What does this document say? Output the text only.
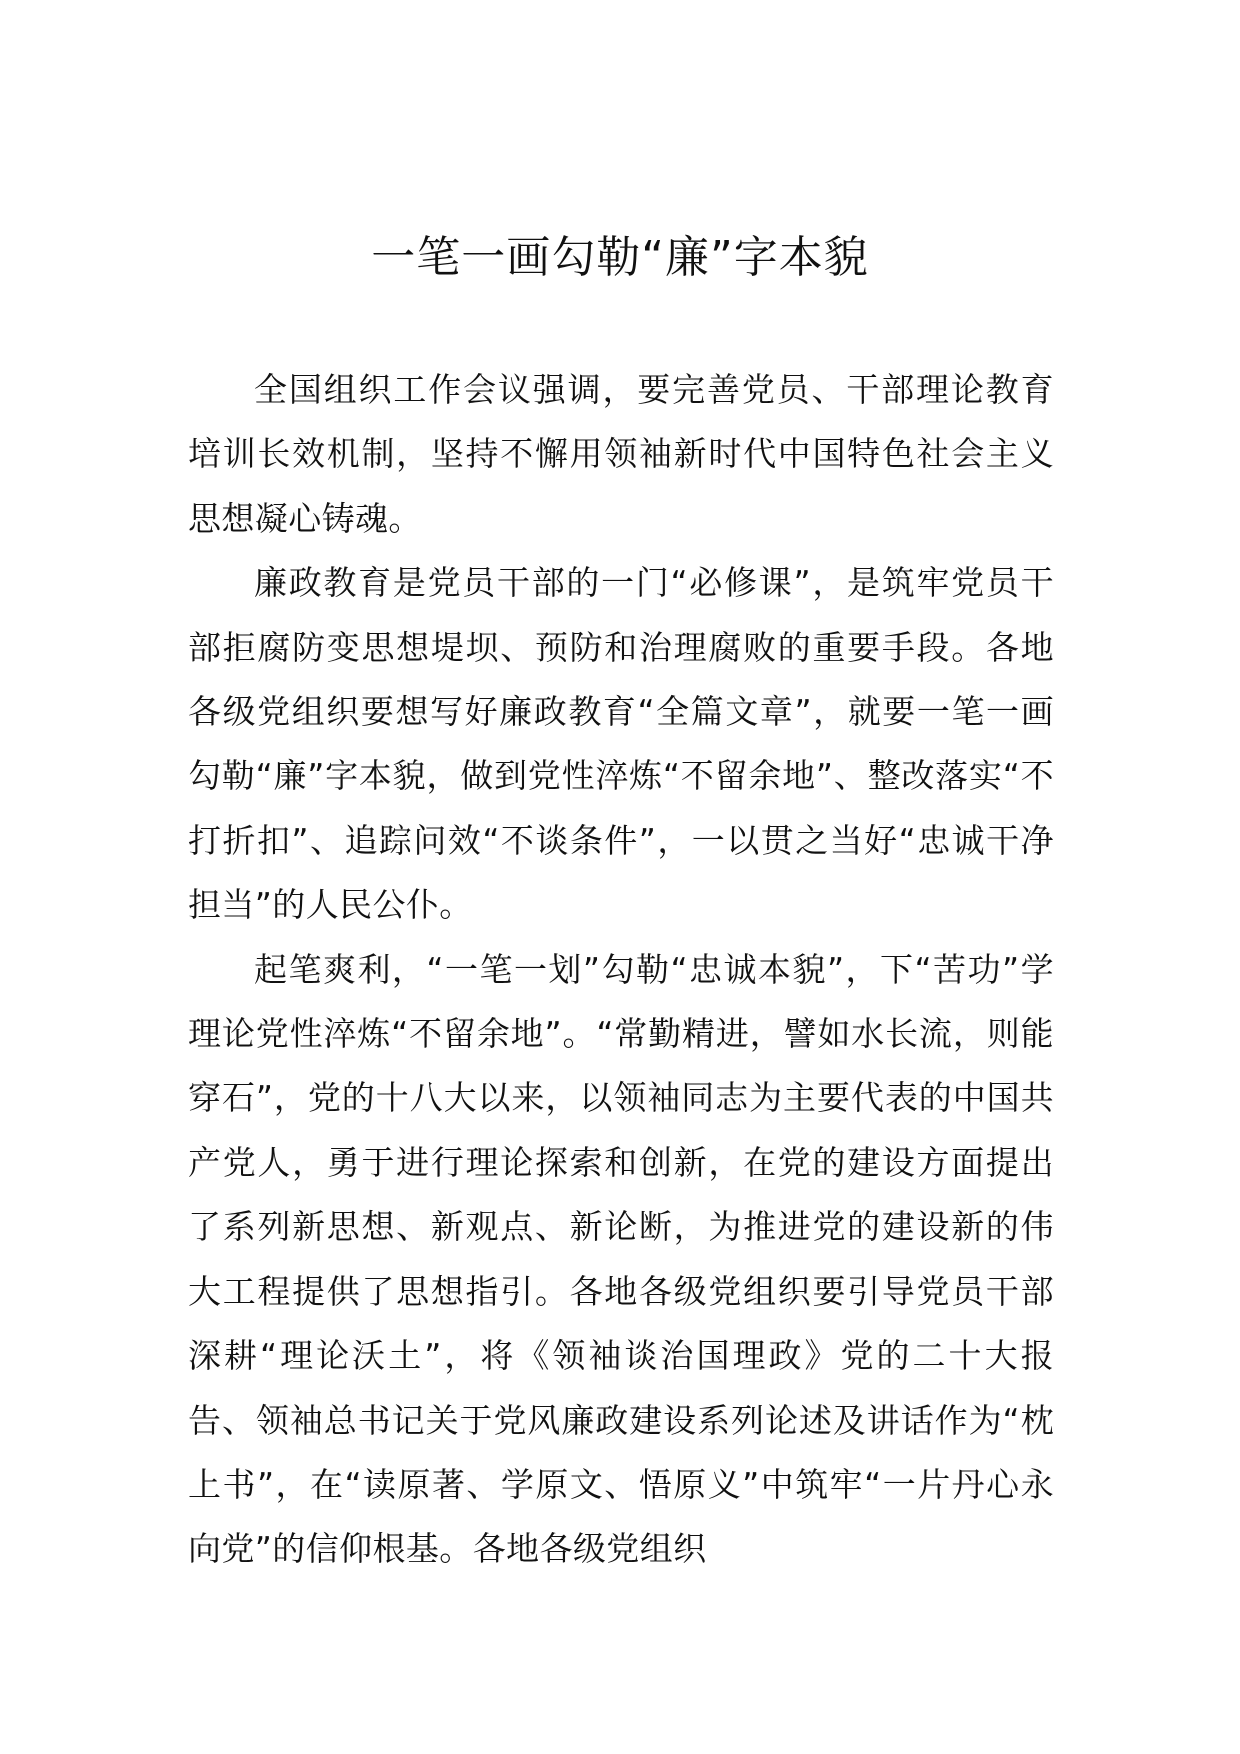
一笔一画勾勒“廉”字本貌

全国组织工作会议强调，要完善党员、干部理论教育培训长效机制，坚持不懈用领袖新时代中国特色社会主义思想凝心铸魂。

廉政教育是党员干部的一门“必修课”，是筑牢党员干部拒腐防变思想堤坝、预防和治理腐败的重要手段。各地各级党组织要想写好廉政教育“全篇文章”，就要一笔一画勾勒“廉”字本貌，做到党性淬炼“不留余地”、整改落实“不打折扣”、追踪问效“不谈条件”，一以贯之当好“忠诚干净担当”的人民公仆。

起笔爽利，“一笔一划”勾勒“忠诚本貌”，下“苦功”学理论党性淬炼“不留余地”。“常勤精进，譬如水长流，则能穿石”，党的十八大以来，以领袖同志为主要代表的中国共产党人，勇于进行理论探索和创新，在党的建设方面提出了系列新思想、新观点、新论断，为推进党的建设新的伟大工程提供了思想指引。各地各级党组织要引导党员干部深耕“理论沃土”，将《领袖谈治国理政》党的二十大报告、领袖总书记关于党风廉政建设系列论述及讲话作为“枕上书”，在“读原著、学原文、悟原义”中筑牢“一片丹心永向党”的信仰根基。各地各级党组织
